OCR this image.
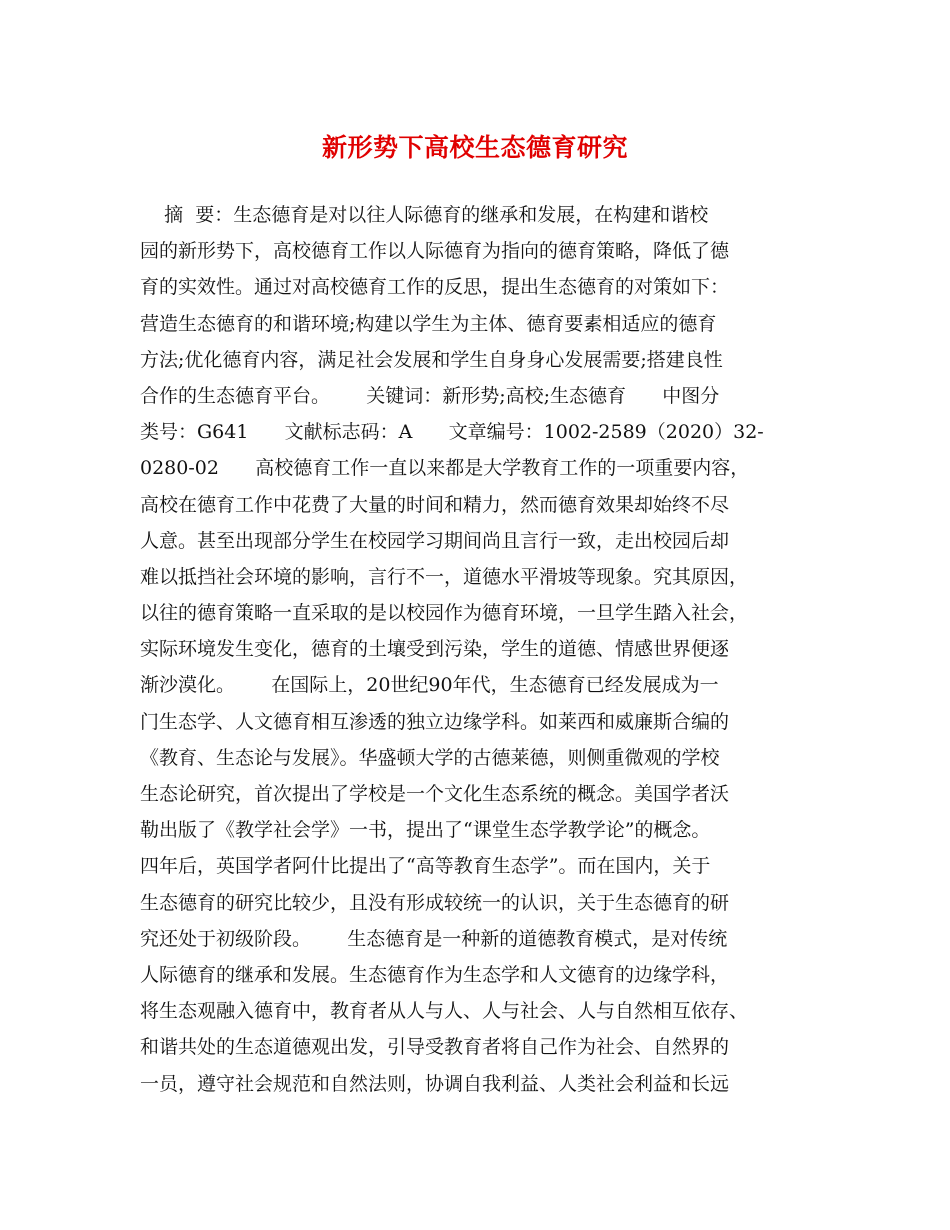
新形势下高校生态德育研究
摘  要：生态德育是对以往人际德育的继承和发展，在构建和谐校
园的新形势下，高校德育工作以人际德育为指向的德育策略，降低了德
育的实效性。通过对高校德育工作的反思，提出生态德育的对策如下：
营造生态德育的和谐环境;构建以学生为主体、德育要素相适应的德育
方法;优化德育内容，满足社会发展和学生自身身心发展需要;搭建良性
合作的生态德育平台。      关键词：新形势;高校;生态德育      中图分
类号：G641      文献标志码：A      文章编号：1002-2589（2020）32-
0280-02      高校德育工作一直以来都是大学教育工作的一项重要内容，
高校在德育工作中花费了大量的时间和精力，然而德育效果却始终不尽
人意。甚至出现部分学生在校园学习期间尚且言行一致，走出校园后却
难以抵挡社会环境的影响，言行不一，道德水平滑坡等现象。究其原因，
以往的德育策略一直采取的是以校园作为德育环境，一旦学生踏入社会，
实际环境发生变化，德育的土壤受到污染，学生的道德、情感世界便逐
渐沙漠化。      在国际上，20世纪90年代，生态德育已经发展成为一
门生态学、人文德育相互渗透的独立边缘学科。如莱西和威廉斯合编的
《教育、生态论与发展》。华盛顿大学的古德莱德，则侧重微观的学校
生态论研究，首次提出了学校是一个文化生态系统的概念。美国学者沃
勒出版了《教学社会学》一书，提出了“课堂生态学教学论”的概念。
四年后，英国学者阿什比提出了“高等教育生态学”。而在国内，关于
生态德育的研究比较少，且没有形成较统一的认识，关于生态德育的研
究还处于初级阶段。      生态德育是一种新的道德教育模式，是对传统
人际德育的继承和发展。生态德育作为生态学和人文德育的边缘学科，
将生态观融入德育中，教育者从人与人、人与社会、人与自然相互依存、
和谐共处的生态道德观出发，引导受教育者将自己作为社会、自然界的
一员，遵守社会规范和自然法则，协调自我利益、人类社会利益和长远
